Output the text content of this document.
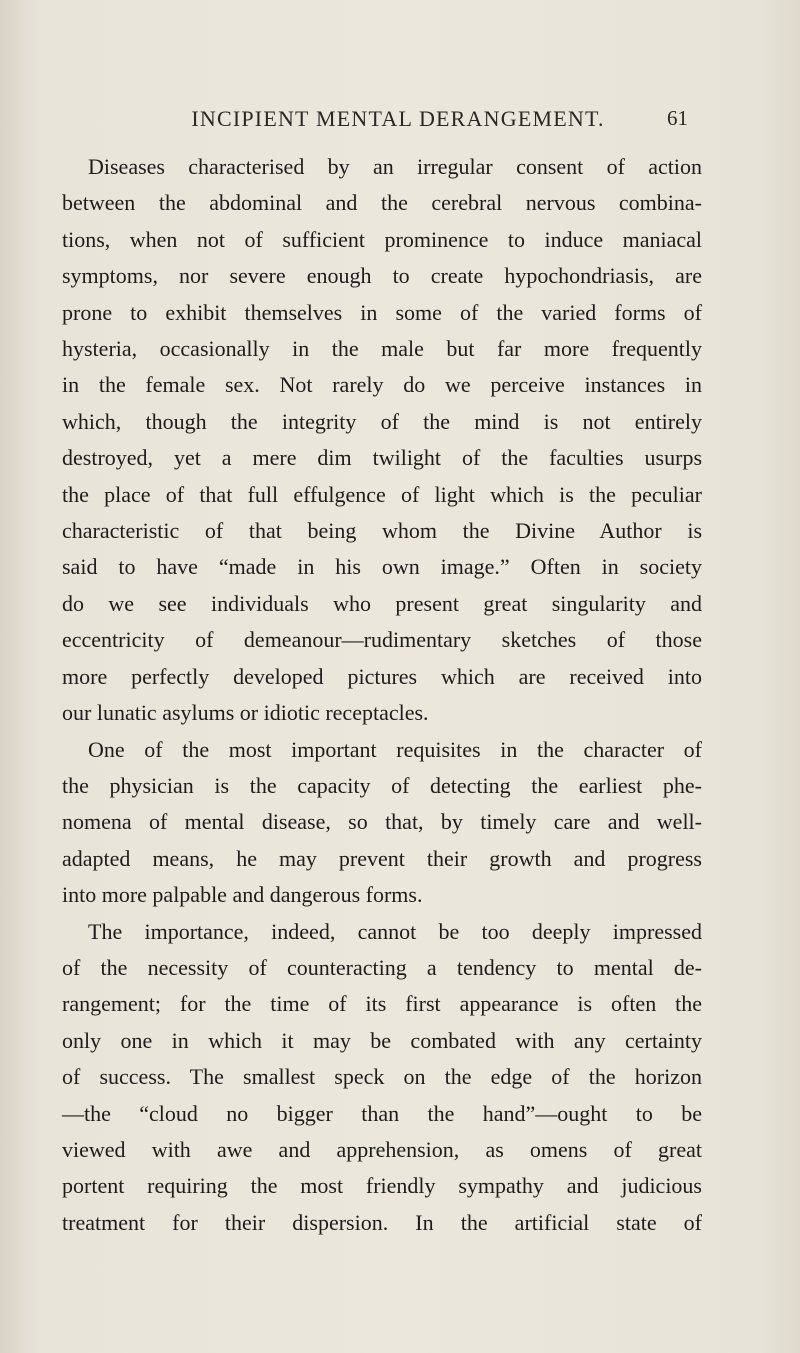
INCIPIENT MENTAL DERANGEMENT.	61

Diseases characterised by an irregular consent of action
between the abdominal and the cerebral nervous combina-
tions, when not of sufficient prominence to induce maniacal
symptoms, nor severe enough to create hypochondriasis, are
prone to exhibit themselves in some of the varied forms of
hysteria, occasionally in the male but far more frequently
in the female sex. Not rarely do we perceive instances in
which, though the integrity of the mind is not entirely
destroyed, yet a mere dim twilight of the faculties usurps
the place of that full effulgence of light which is the peculiar
characteristic of that being whom the Divine Author is
said to have “made in his own image.” Often in society
do we see individuals who present great singularity and
eccentricity of demeanour—rudimentary sketches of those
more perfectly developed pictures which are received into
our lunatic asylums or idiotic receptacles.

One of the most important requisites in the character of
the physician is the capacity of detecting the earliest phe-
nomena of mental disease, so that, by timely care and well-
adapted means, he may prevent their growth and progress
into more palpable and dangerous forms.

The importance, indeed, cannot be too deeply impressed
of the necessity of counteracting a tendency to mental de-
rangement; for the time of its first appearance is often the
only one in which it may be combated with any certainty
of success. The smallest speck on the edge of the horizon
—the “cloud no bigger than the hand”—ought to be
viewed with awe and apprehension, as omens of great
portent requiring the most friendly sympathy and judicious
treatment for their dispersion. In the artificial state of
